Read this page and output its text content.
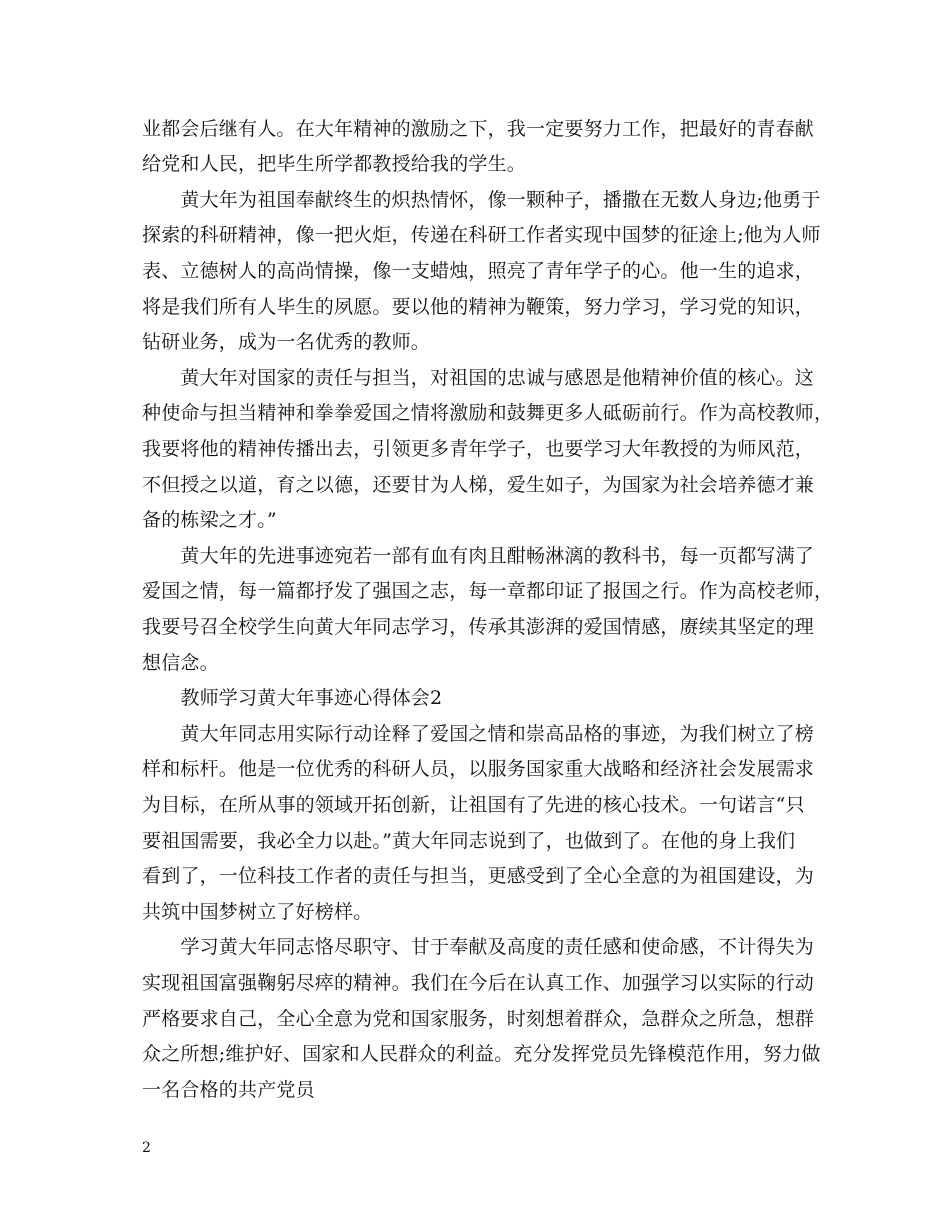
业都会后继有人。在大年精神的激励之下，我一定要努力工作，把最好的青春献
给党和人民，把毕生所学都教授给我的学生。
　　黄大年为祖国奉献终生的炽热情怀，像一颗种子，播撒在无数人身边;他勇于
探索的科研精神，像一把火炬，传递在科研工作者实现中国梦的征途上;他为人师
表、立德树人的高尚情操，像一支蜡烛，照亮了青年学子的心。他一生的追求，
将是我们所有人毕生的夙愿。要以他的精神为鞭策，努力学习，学习党的知识，
钻研业务，成为一名优秀的教师。
　　黄大年对国家的责任与担当，对祖国的忠诚与感恩是他精神价值的核心。这
种使命与担当精神和拳拳爱国之情将激励和鼓舞更多人砥砺前行。作为高校教师，
我要将他的精神传播出去，引领更多青年学子，也要学习大年教授的为师风范，
不但授之以道，育之以德，还要甘为人梯，爱生如子，为国家为社会培养德才兼
备的栋梁之才。”
　　黄大年的先进事迹宛若一部有血有肉且酣畅淋漓的教科书，每一页都写满了
爱国之情，每一篇都抒发了强国之志，每一章都印证了报国之行。作为高校老师，
我要号召全校学生向黄大年同志学习，传承其澎湃的爱国情感，赓续其坚定的理
想信念。
　　教师学习黄大年事迹心得体会2
　　黄大年同志用实际行动诠释了爱国之情和崇高品格的事迹，为我们树立了榜
样和标杆。他是一位优秀的科研人员，以服务国家重大战略和经济社会发展需求
为目标，在所从事的领域开拓创新，让祖国有了先进的核心技术。一句诺言“只
要祖国需要，我必全力以赴。”黄大年同志说到了，也做到了。在他的身上我们
看到了，一位科技工作者的责任与担当，更感受到了全心全意的为祖国建设，为
共筑中国梦树立了好榜样。
　　学习黄大年同志恪尽职守、甘于奉献及高度的责任感和使命感，不计得失为
实现祖国富强鞠躬尽瘁的精神。我们在今后在认真工作、加强学习以实际的行动
严格要求自己，全心全意为党和国家服务，时刻想着群众，急群众之所急，想群
众之所想;维护好、国家和人民群众的利益。充分发挥党员先锋模范作用，努力做
一名合格的共产党员
2
